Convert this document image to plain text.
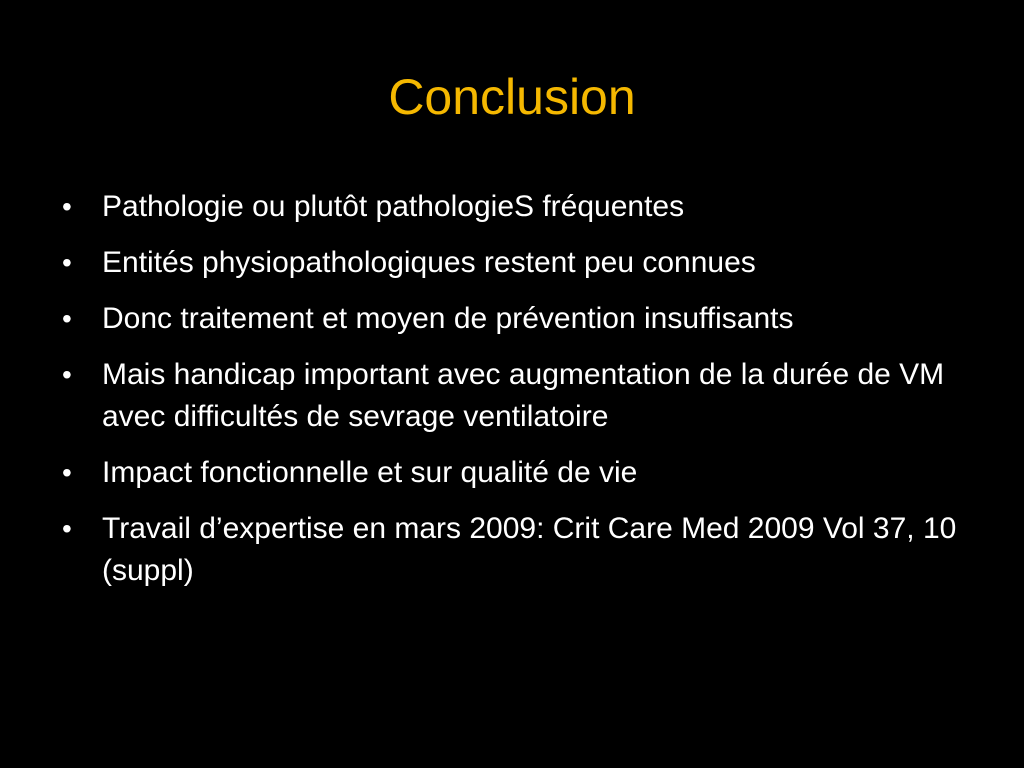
Conclusion
• Pathologie ou plutôt pathologieS fréquentes
• Entités physiopathologiques restent peu connues
• Donc traitement et moyen de prévention insuffisants
• Mais handicap important avec augmentation de la durée de VM avec difficultés de sevrage ventilatoire
• Impact fonctionnelle et sur qualité de vie
• Travail d’expertise en mars 2009: Crit Care Med 2009 Vol 37, 10 (suppl)
